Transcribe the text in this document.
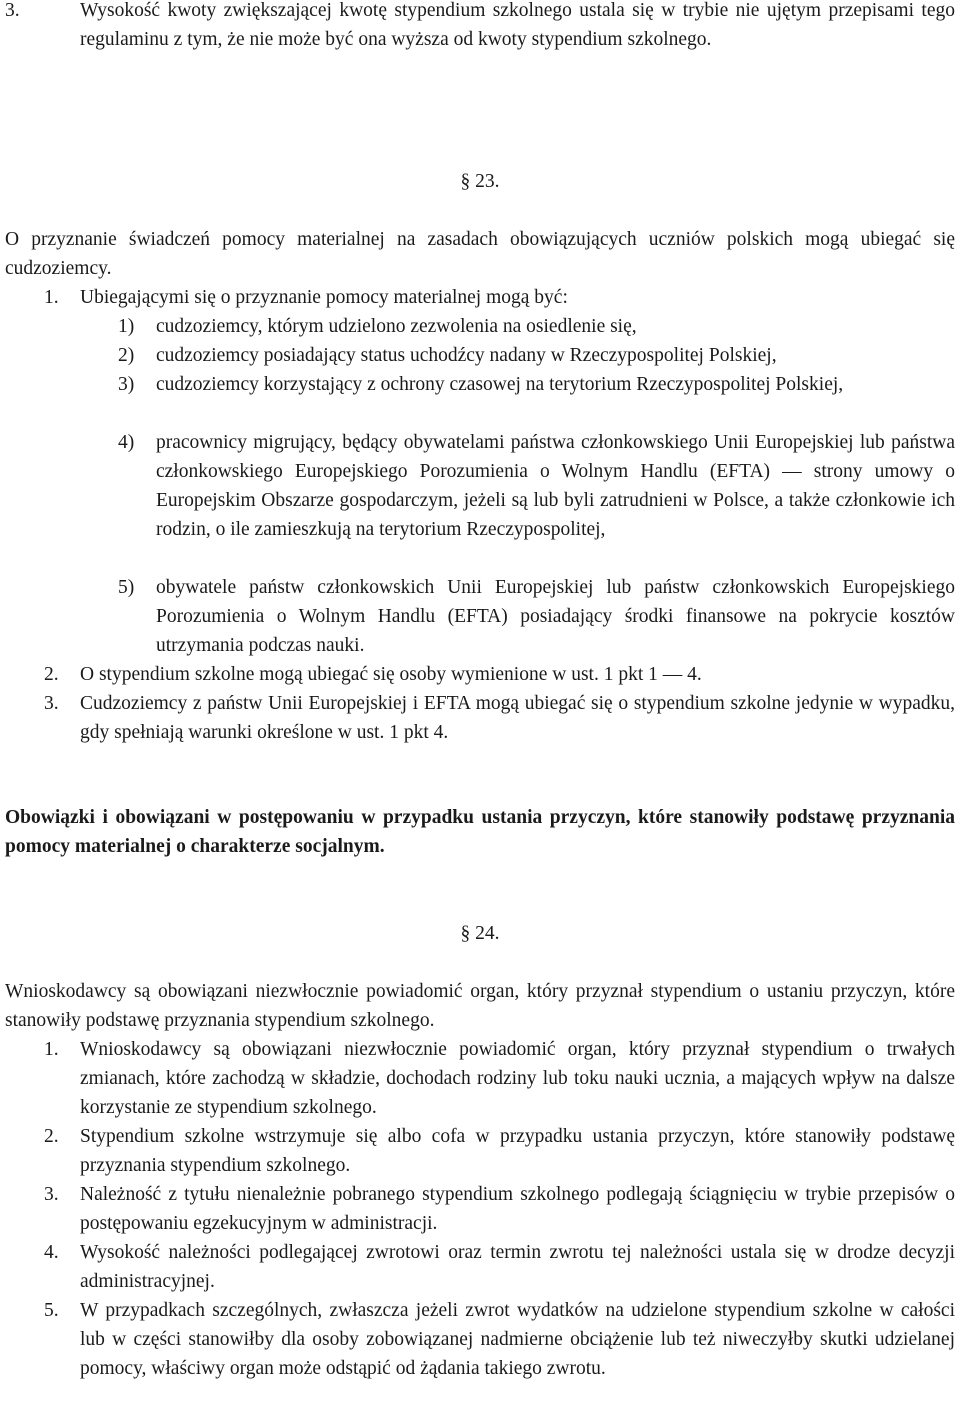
3.	Wysokość kwoty zwiększającej kwotę stypendium szkolnego ustala się w trybie nie ujętym przepisami tego regulaminu z tym, że nie może być ona wyższa od kwoty stypendium szkolnego.
§ 23.
O przyznanie świadczeń pomocy materialnej na zasadach obowiązujących uczniów polskich mogą ubiegać się cudzoziemcy.
1. Ubiegającymi się o przyznanie pomocy materialnej mogą być:
1) cudzoziemcy, którym udzielono zezwolenia na osiedlenie się,
2) cudzoziemcy posiadający status uchodźcy nadany w Rzeczypospolitej Polskiej,
3) cudzoziemcy korzystający z ochrony czasowej na terytorium Rzeczypospolitej Polskiej,
4) pracownicy migrujący, będący obywatelami państwa członkowskiego Unii Europejskiej lub państwa członkowskiego Europejskiego Porozumienia o Wolnym Handlu (EFTA) — strony umowy o Europejskim Obszarze gospodarczym, jeżeli są lub byli zatrudnieni w Polsce, a także członkowie ich rodzin, o ile zamieszkują na terytorium Rzeczypospolitej,
5) obywatele państw członkowskich Unii Europejskiej lub państw członkowskich Europejskiego Porozumienia o Wolnym Handlu (EFTA) posiadający środki finansowe na pokrycie kosztów utrzymania podczas nauki.
2. O stypendium szkolne mogą ubiegać się osoby wymienione w ust. 1 pkt 1 — 4.
3. Cudzoziemcy z państw Unii Europejskiej i EFTA mogą ubiegać się o stypendium szkolne jedynie w wypadku, gdy spełniają warunki określone w ust. 1 pkt 4.
Obowiązki i obowiązani w postępowaniu w przypadku ustania przyczyn, które stanowiły podstawę przyznania pomocy materialnej o charakterze socjalnym.
§ 24.
Wnioskodawcy są obowiązani niezwłocznie powiadomić organ, który przyznał stypendium o ustaniu przyczyn, które stanowiły podstawę przyznania stypendium szkolnego.
1. Wnioskodawcy są obowiązani niezwłocznie powiadomić organ, który przyznał stypendium o trwałych zmianach, które zachodzą w składzie, dochodach rodziny lub toku nauki ucznia, a mających wpływ na dalsze korzystanie ze stypendium szkolnego.
2. Stypendium szkolne wstrzymuje się albo cofa w przypadku ustania przyczyn, które stanowiły podstawę przyznania stypendium szkolnego.
3. Należność z tytułu nienależnie pobranego stypendium szkolnego podlegają ściągnięciu w trybie przepisów o postępowaniu egzekucyjnym w administracji.
4. Wysokość należności podlegającej zwrotowi oraz termin zwrotu tej należności ustala się w drodze decyzji administracyjnej.
5. W przypadkach szczególnych, zwłaszcza jeżeli zwrot wydatków na udzielone stypendium szkolne w całości lub w części stanowiłby dla osoby zobowiązanej nadmierne obciążenie lub też niweczyłby skutki udzielanej pomocy, właściwy organ może odstąpić od żądania takiego zwrotu.
